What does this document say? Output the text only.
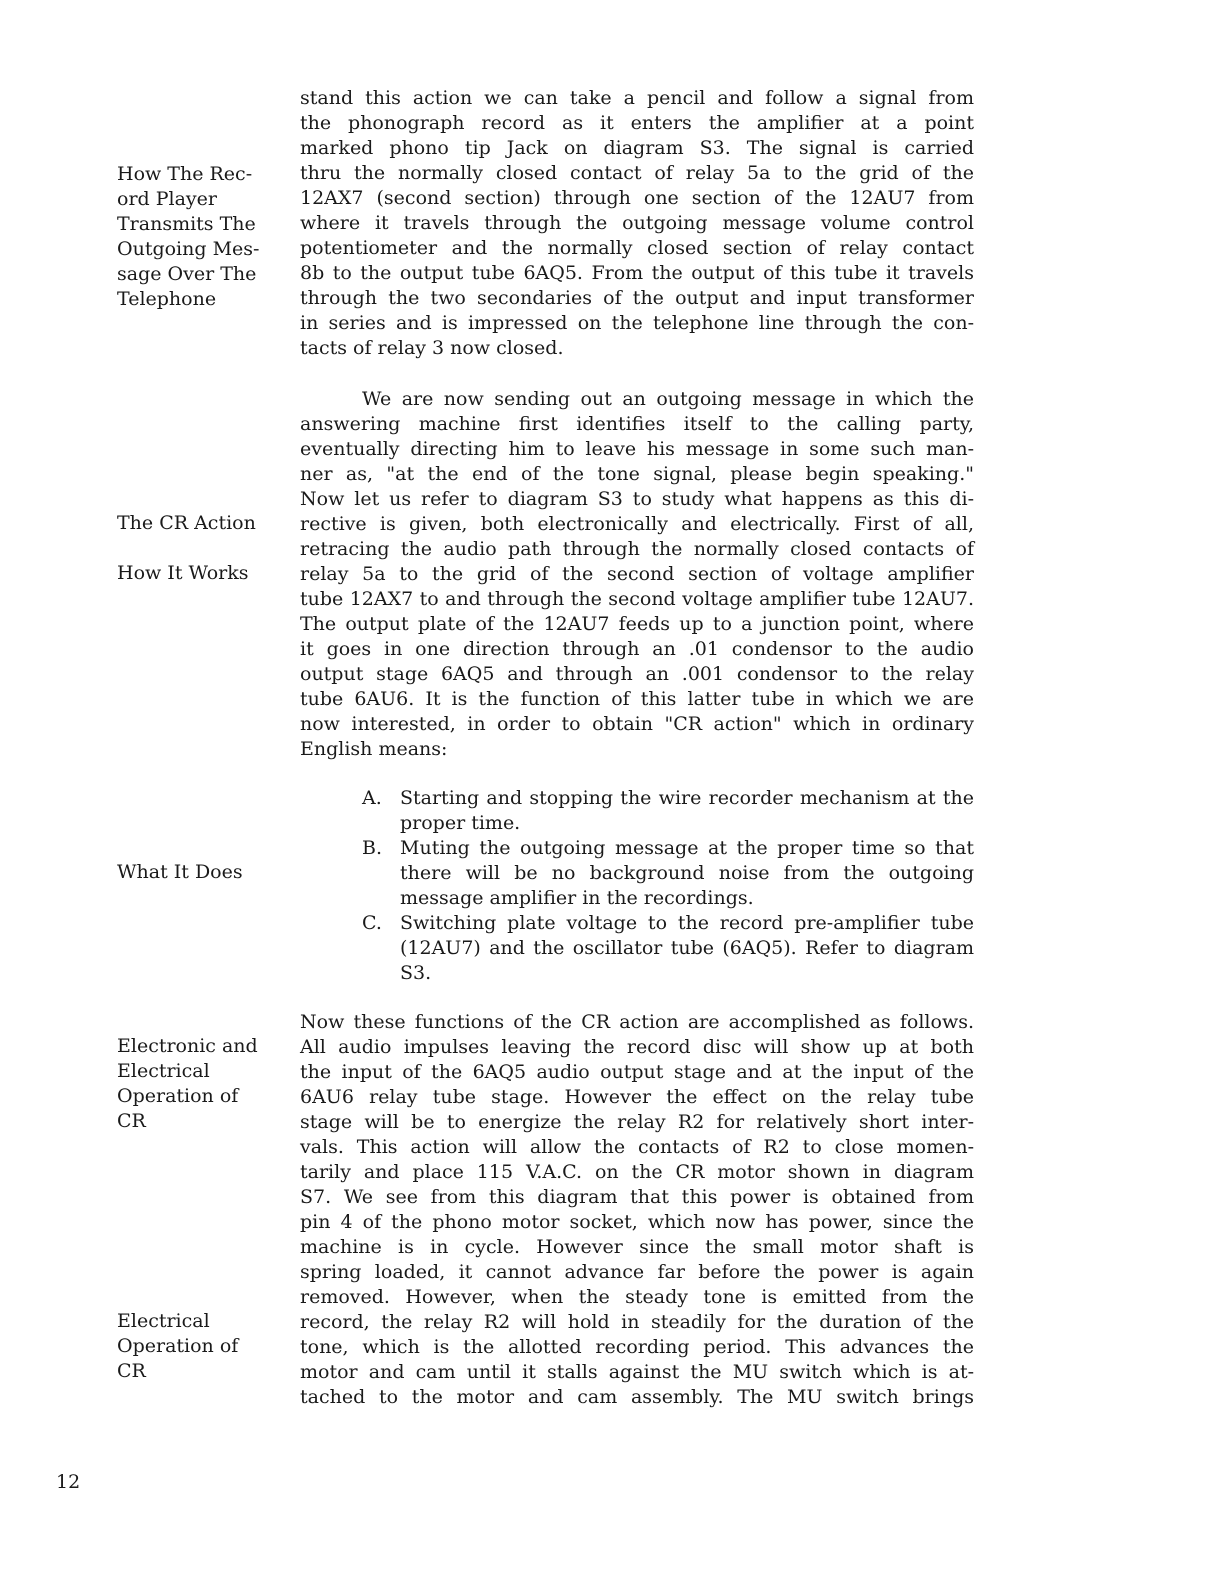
How The Rec-
ord Player
Transmits The
Outgoing Mes-
sage Over The
Telephone
The CR Action
How It Works
What It Does
Electronic and
Electrical
Operation of
CR
Electrical
Operation of
CR
stand this action we can take a pencil and follow a signal from
the phonograph record as it enters the amplifier at a point
marked phono tip Jack on diagram S3. The signal is carried
thru the normally closed contact of relay 5a to the grid of the
12AX7 (second section) through one section of the 12AU7 from
where it travels through the outgoing message volume control
potentiometer and the normally closed section of relay contact
8b to the output tube 6AQ5. From the output of this tube it travels
through the two secondaries of the output and input transformer
in series and is impressed on the telephone line through the con-
tacts of relay 3 now closed.
We are now sending out an outgoing message in which the
answering machine first identifies itself to the calling party,
eventually directing him to leave his message in some such man-
ner as, "at the end of the tone signal, please begin speaking."
Now let us refer to diagram S3 to study what happens as this di-
rective is given, both electronically and electrically. First of all,
retracing the audio path through the normally closed contacts of
relay 5a to the grid of the second section of voltage amplifier
tube 12AX7 to and through the second voltage amplifier tube 12AU7.
The output plate of the 12AU7 feeds up to a junction point, where
it goes in one direction through an .01 condensor to the audio
output stage 6AQ5 and through an .001 condensor to the relay
tube 6AU6. It is the function of this latter tube in which we are
now interested, in order to obtain "CR action" which in ordinary
English means:
A. Starting and stopping the wire recorder mechanism at the proper time.
B. Muting the outgoing message at the proper time so that there will be no background noise from the outgoing message amplifier in the recordings.
C. Switching plate voltage to the record pre-amplifier tube (12AU7) and the oscillator tube (6AQ5). Refer to diagram S3.
Now these functions of the CR action are accomplished as follows.
All audio impulses leaving the record disc will show up at both
the input of the 6AQ5 audio output stage and at the input of the
6AU6 relay tube stage. However the effect on the relay tube
stage will be to energize the relay R2 for relatively short inter-
vals. This action will allow the contacts of R2 to close momen-
tarily and place 115 V.A.C. on the CR motor shown in diagram
S7. We see from this diagram that this power is obtained from
pin 4 of the phono motor socket, which now has power, since the
machine is in cycle. However since the small motor shaft is
spring loaded, it cannot advance far before the power is again
removed. However, when the steady tone is emitted from the
record, the relay R2 will hold in steadily for the duration of the
tone, which is the allotted recording period. This advances the
motor and cam until it stalls against the MU switch which is at-
tached to the motor and cam assembly. The MU switch brings
12
